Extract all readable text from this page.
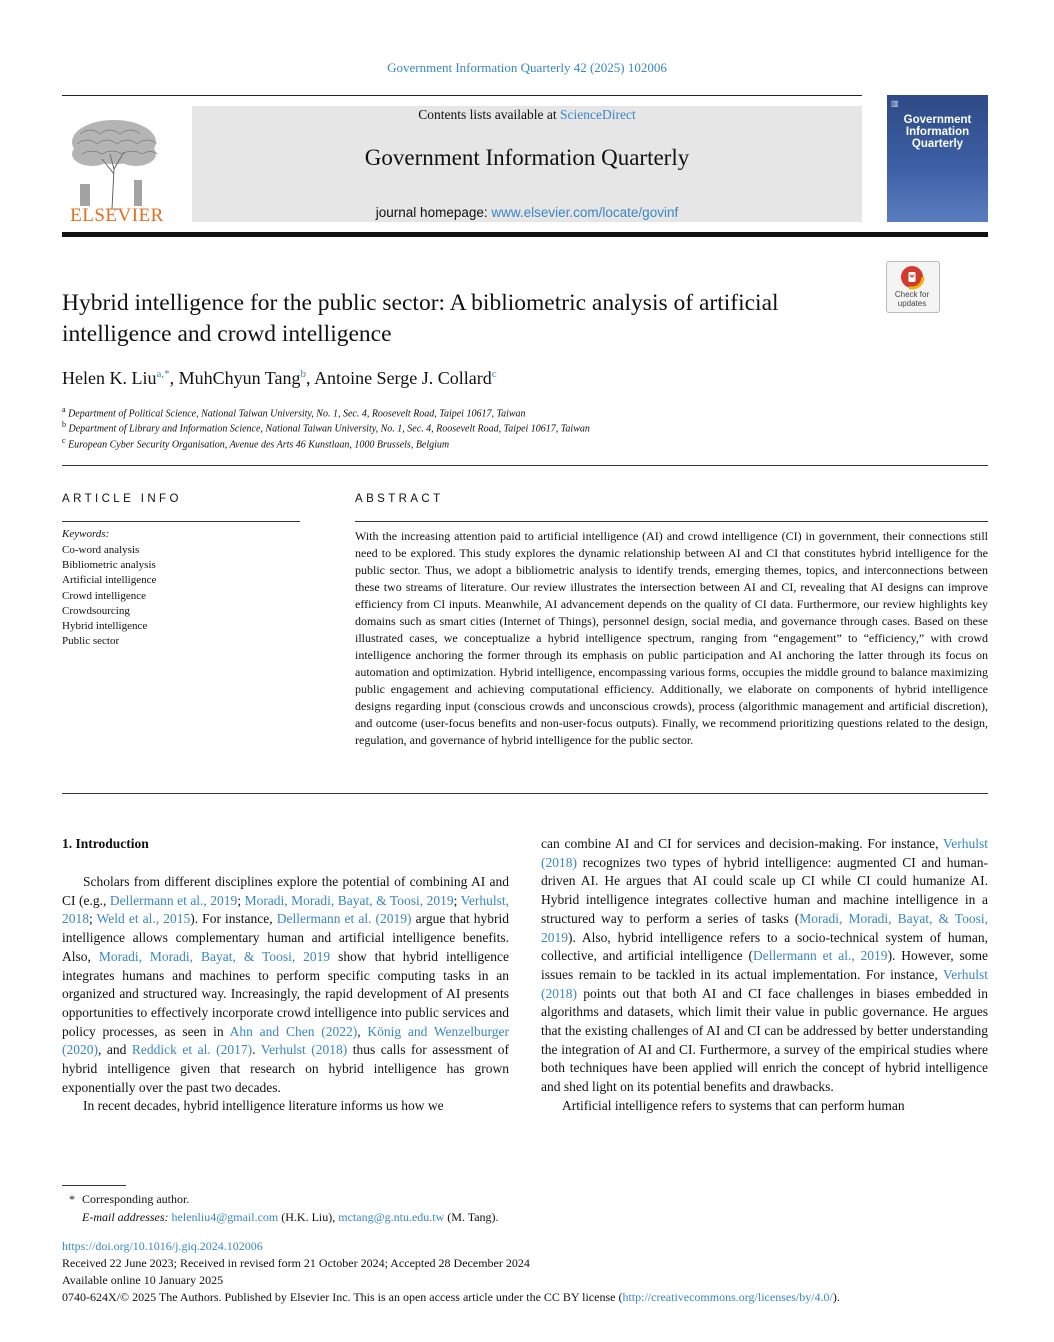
Government Information Quarterly 42 (2025) 102006
ELSEVIER
Contents lists available at ScienceDirect
Government Information Quarterly
journal homepage: www.elsevier.com/locate/govinf
▥
Government
Information
Quarterly
Check for
updates
Hybrid intelligence for the public sector: A bibliometric analysis of artificial
intelligence and crowd intelligence
Helen K. Liu$^{a,*}$, MuhChyun Tang$^b$, Antoine Serge J. Collard$^c$
$^a$ Department of Political Science, National Taiwan University, No. 1, Sec. 4, Roosevelt Road, Taipei 10617, Taiwan
$^b$ Department of Library and Information Science, National Taiwan University, No. 1, Sec. 4, Roosevelt Road, Taipei 10617, Taiwan
$^c$ European Cyber Security Organisation, Avenue des Arts 46 Kunstlaan, 1000 Brussels, Belgium
ARTICLE INFO	ABSTRACT
Keywords:
Co-word analysis
Bibliometric analysis
Artificial intelligence
Crowd intelligence
Crowdsourcing
Hybrid intelligence
Public sector

With the increasing attention paid to artificial intelligence (AI) and crowd intelligence (CI) in government, their connections still need to be explored. This study explores the dynamic relationship between AI and CI that constitutes hybrid intelligence for the public sector. Thus, we adopt a bibliometric analysis to identify trends, emerging themes, topics, and interconnections between these two streams of literature. Our review illustrates the intersection between AI and CI, revealing that AI designs can improve efficiency from CI inputs. Meanwhile, AI advancement depends on the quality of CI data. Furthermore, our review highlights key domains such as smart cities (Internet of Things), personnel design, social media, and governance through cases. Based on these illustrated cases, we conceptualize a hybrid intelligence spectrum, ranging from “engagement” to “efficiency,” with crowd intelligence anchoring the former through its emphasis on public participation and AI anchoring the latter through its focus on automation and optimization. Hybrid intelligence, encompassing various forms, occupies the middle ground to balance maximizing public engagement and achieving computational efficiency. Additionally, we elaborate on components of hybrid intelligence designs regarding input (conscious crowds and unconscious crowds), process (algorithmic management and artificial discretion), and outcome (user-focus benefits and non-user-focus outputs). Finally, we recommend prioritizing questions related to the design, regulation, and governance of hybrid intelligence for the public sector.

1. Introduction

Scholars from different disciplines explore the potential of combining AI and CI (e.g., Dellermann et al., 2019; Moradi, Moradi, Bayat, & Toosi, 2019; Verhulst, 2018; Weld et al., 2015). For instance, Dellermann et al. (2019) argue that hybrid intelligence allows complementary human and artificial intelligence benefits. Also, Moradi, Moradi, Bayat, & Toosi, 2019 show that hybrid intelligence integrates humans and machines to perform specific computing tasks in an organized and structured way. Increasingly, the rapid development of AI presents opportunities to effectively incorporate crowd intelligence into public services and policy processes, as seen in Ahn and Chen (2022), König and Wenzelburger (2020), and Reddick et al. (2017). Verhulst (2018) thus calls for assessment of hybrid intelligence given that research on hybrid intelligence has grown exponentially over the past two decades.

In recent decades, hybrid intelligence literature informs us how we

can combine AI and CI for services and decision-making. For instance, Verhulst (2018) recognizes two types of hybrid intelligence: augmented CI and human-driven AI. He argues that AI could scale up CI while CI could humanize AI. Hybrid intelligence integrates collective human and machine intelligence in a structured way to perform a series of tasks (Moradi, Moradi, Bayat, & Toosi, 2019). Also, hybrid intelligence refers to a socio-technical system of human, collective, and artificial intelligence (Dellermann et al., 2019). However, some issues remain to be tackled in its actual implementation. For instance, Verhulst (2018) points out that both AI and CI face challenges in biases embedded in algorithms and datasets, which limit their value in public governance. He argues that the existing challenges of AI and CI can be addressed by better understanding the integration of AI and CI. Furthermore, a survey of the empirical studies where both techniques have been applied will enrich the concept of hybrid intelligence and shed light on its potential benefits and drawbacks.

Artificial intelligence refers to systems that can perform human

* Corresponding author.
E-mail addresses: helenliu4@gmail.com (H.K. Liu), mctang@g.ntu.edu.tw (M. Tang).
https://doi.org/10.1016/j.giq.2024.102006
Received 22 June 2023; Received in revised form 21 October 2024; Accepted 28 December 2024
Available online 10 January 2025
0740-624X/© 2025 The Authors. Published by Elsevier Inc. This is an open access article under the CC BY license (http://creativecommons.org/licenses/by/4.0/).
